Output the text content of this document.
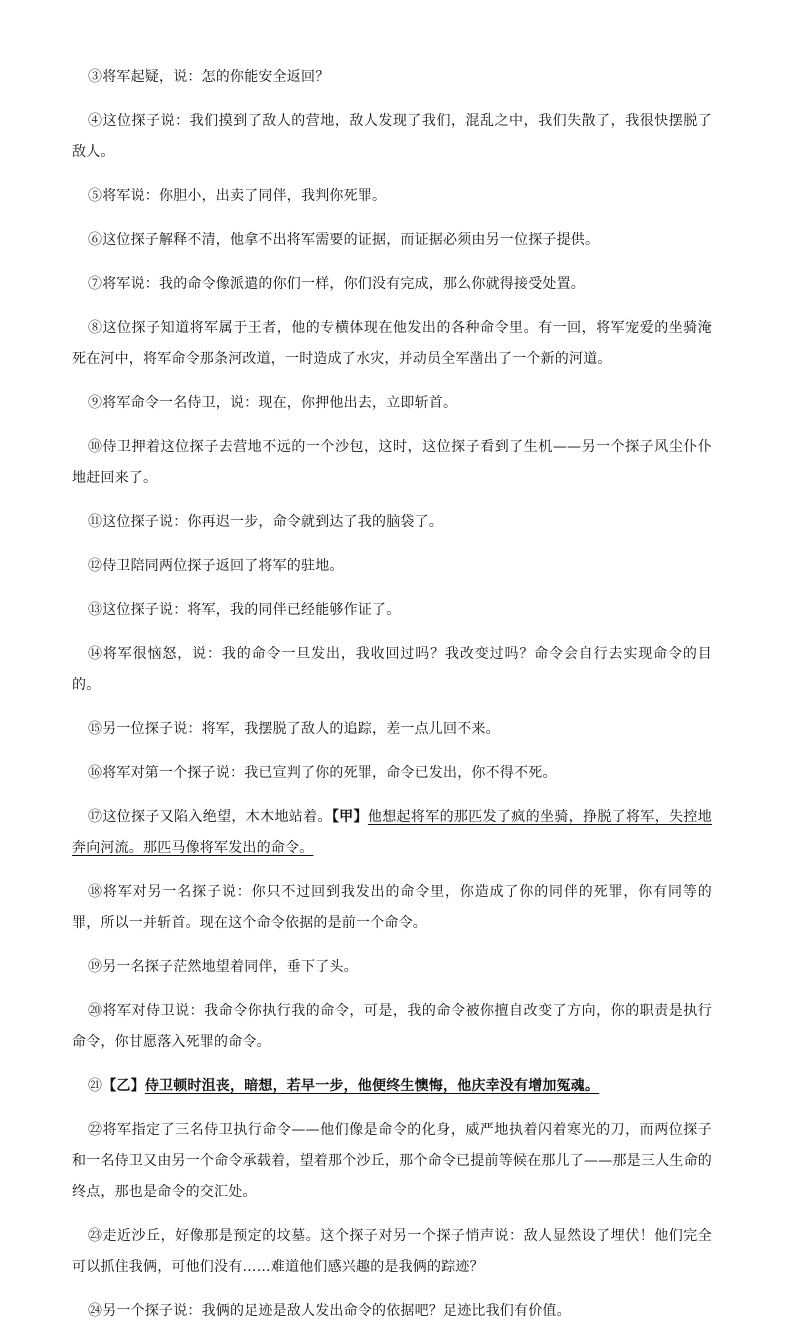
③将军起疑，说：怎的你能安全返回？

④这位探子说：我们摸到了敌人的营地，敌人发现了我们，混乱之中，我们失散了，我很快摆脱了敌人。

⑤将军说：你胆小，出卖了同伴，我判你死罪。

⑥这位探子解释不清，他拿不出将军需要的证据，而证据必须由另一位探子提供。

⑦将军说：我的命令像派遣的你们一样，你们没有完成，那么你就得接受处置。

⑧这位探子知道将军属于王者，他的专横体现在他发出的各种命令里。有一回，将军宠爱的坐骑淹死在河中，将军命令那条河改道，一时造成了水灾，并动员全军凿出了一个新的河道。

⑨将军命令一名侍卫，说：现在，你押他出去，立即斩首。

⑩侍卫押着这位探子去营地不远的一个沙包，这时，这位探子看到了生机——另一个探子风尘仆仆地赶回来了。

⑪这位探子说：你再迟一步，命令就到达了我的脑袋了。

⑫侍卫陪同两位探子返回了将军的驻地。

⑬这位探子说：将军，我的同伴已经能够作证了。

⑭将军很恼怒，说：我的命令一旦发出，我收回过吗？我改变过吗？命令会自行去实现命令的目的。

⑮另一位探子说：将军，我摆脱了敌人的追踪，差一点儿回不来。

⑯将军对第一个探子说：我已宣判了你的死罪，命令已发出，你不得不死。

⑰这位探子又陷入绝望，木木地站着。【甲】他想起将军的那匹发了疯的坐骑，挣脱了将军，失控地奔向河流。那匹马像将军发出的命令。

⑱将军对另一名探子说：你只不过回到我发出的命令里，你造成了你的同伴的死罪，你有同等的罪，所以一并斩首。现在这个命令依据的是前一个命令。

⑲另一名探子茫然地望着同伴，垂下了头。

⑳将军对侍卫说：我命令你执行我的命令，可是，我的命令被你擅自改变了方向，你的职责是执行命令，你甘愿落入死罪的命令。

㉑【乙】侍卫顿时沮丧，暗想，若早一步，他便终生懊悔，他庆幸没有增加冤魂。

㉒将军指定了三名侍卫执行命令——他们像是命令的化身，威严地执着闪着寒光的刀，而两位探子和一名侍卫又由另一个命令承载着，望着那个沙丘，那个命令已提前等候在那儿了——那是三人生命的终点，那也是命令的交汇处。

㉓走近沙丘，好像那是预定的坟墓。这个探子对另一个探子悄声说：敌人显然设了埋伏！他们完全可以抓住我俩，可他们没有……难道他们感兴趣的是我俩的踪迹？

㉔另一个探子说：我俩的足迹是敌人发出命令的依据吧？足迹比我们有价值。
